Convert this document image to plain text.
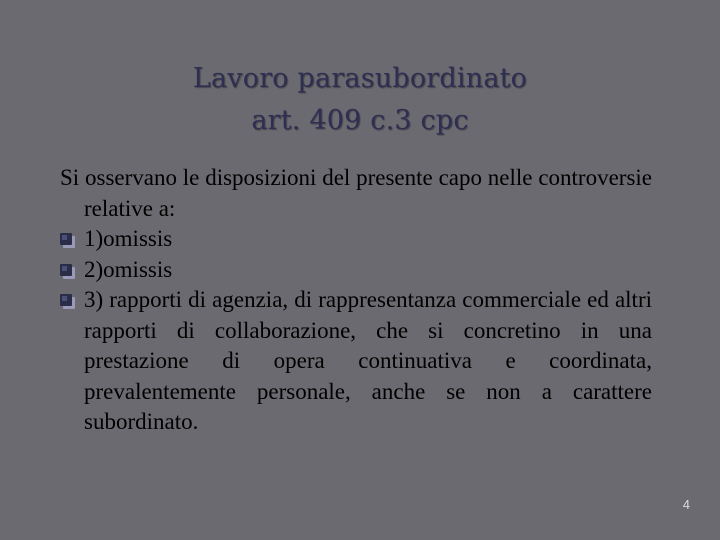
Lavoro parasubordinato
art. 409 c.3 cpc

Si osservano le disposizioni del presente capo nelle controversie relative a:

1)omissis
2)omissis
3) rapporti di agenzia, di rappresentanza commerciale ed altri rapporti di collaborazione, che si concretino in una prestazione di opera continuativa e coordinata, prevalentemente personale, anche se non a carattere subordinato.
4
